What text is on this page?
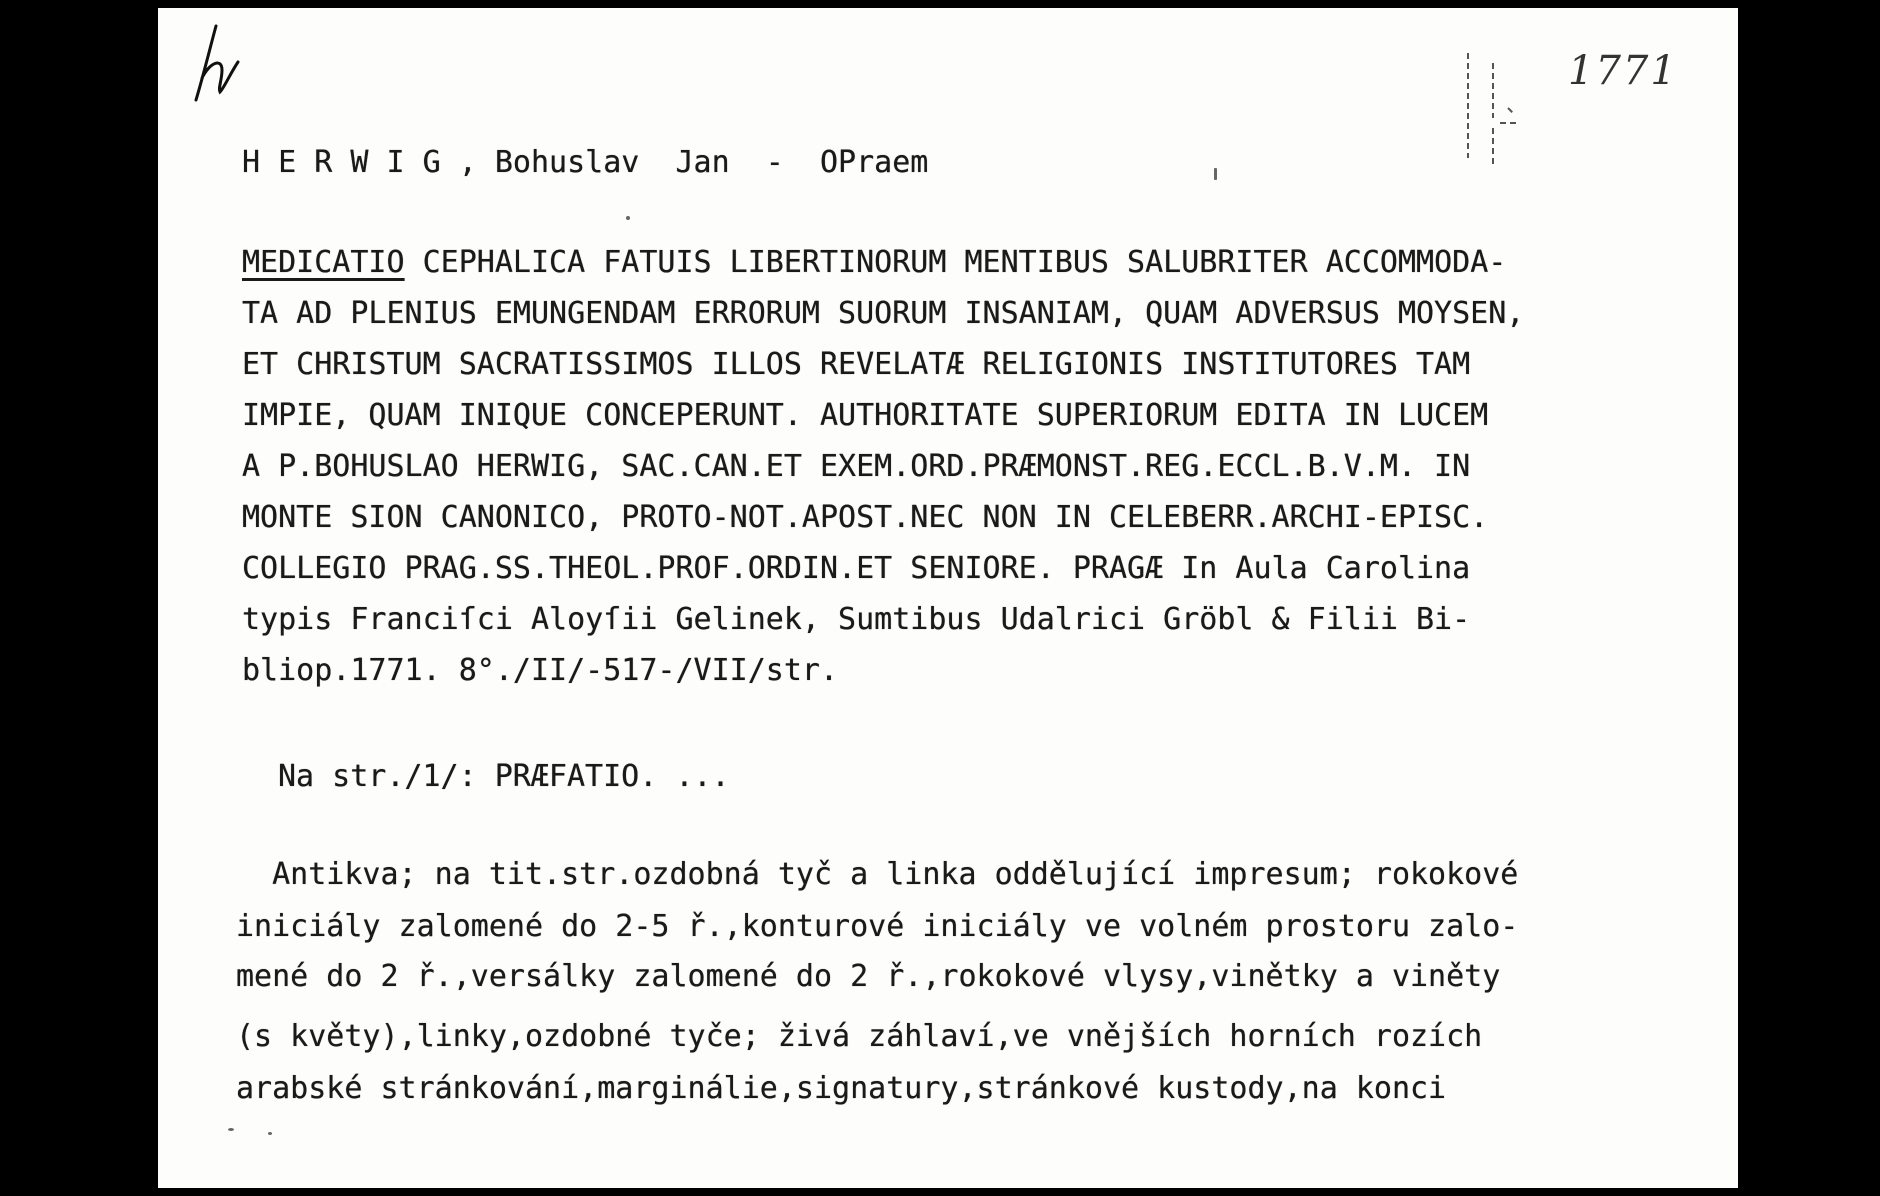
1771
H E R W I G , Bohuslav  Jan  -  OPraem
MEDICATIO CEPHALICA FATUIS LIBERTINORUM MENTIBUS SALUBRITER ACCOMMODA-
TA AD PLENIUS EMUNGENDAM ERRORUM SUORUM INSANIAM, QUAM ADVERSUS MOYSEN,
ET CHRISTUM SACRATISSIMOS ILLOS REVELATÆ RELIGIONIS INSTITUTORES TAM
IMPIE, QUAM INIQUE CONCEPERUNT. AUTHORITATE SUPERIORUM EDITA IN LUCEM
A P.BOHUSLAO HERWIG, SAC.CAN.ET EXEM.ORD.PRÆMONST.REG.ECCL.B.V.M. IN
MONTE SION CANONICO, PROTO-NOT.APOST.NEC NON IN CELEBERR.ARCHI-EPISC.
COLLEGIO PRAG.SS.THEOL.PROF.ORDIN.ET SENIORE. PRAGÆ In Aula Carolina
typis Franciſci Aloyſii Gelinek, Sumtibus Udalrici Gröbl & Filii Bi-
bliop.1771. 8°./II/-517-/VII/str.
Na str./1/: PRÆFATIO. ...
Antikva; na tit.str.ozdobná tyč a linka oddělující impresum; rokokové
iniciály zalomené do 2-5 ř.,konturové iniciály ve volném prostoru zalo-
mené do 2 ř.,versálky zalomené do 2 ř.,rokokové vlysy,vinětky a viněty
(s květy),linky,ozdobné tyče; živá záhlaví,ve vnějších horních rozích
arabské stránkování,marginálie,signatury,stránkové kustody,na konci
